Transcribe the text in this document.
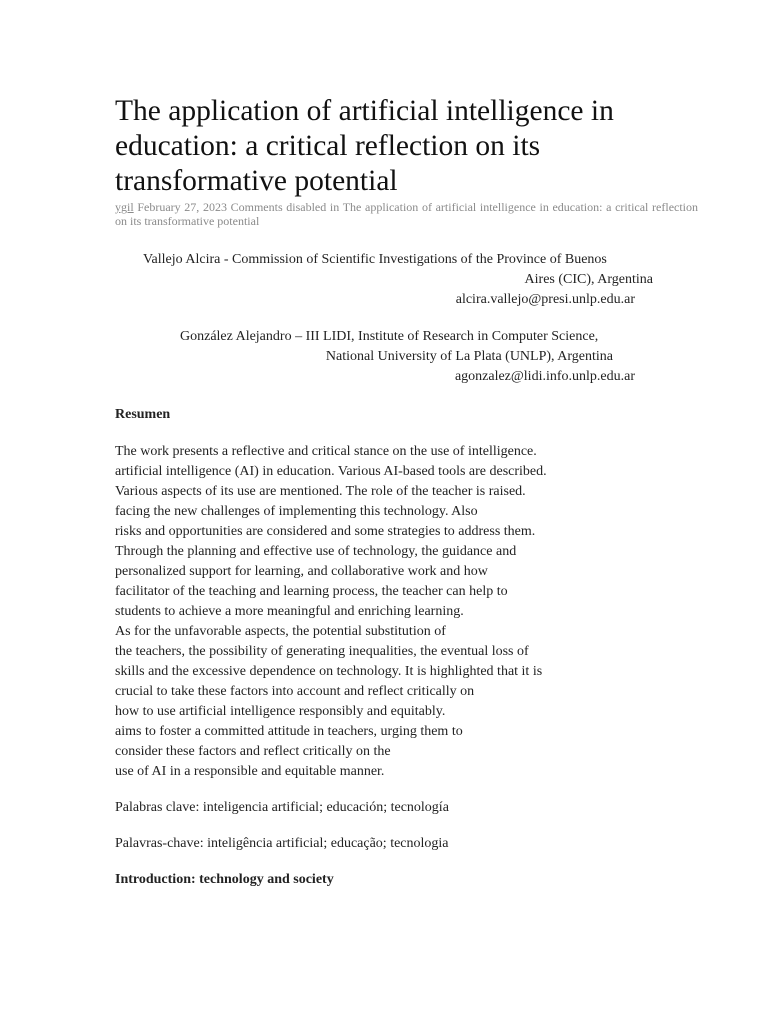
The application of artificial intelligence in education: a critical reflection on its transformative potential
ygil February 27, 2023 Comments disabled in The application of artificial intelligence in education: a critical reflection on its transformative potential

Vallejo Alcira - Commission of Scientific Investigations of the Province of Buenos

Aires (CIC), Argentina

alcira.vallejo@presi.unlp.edu.ar

González Alejandro – III LIDI, Institute of Research in Computer Science,

National University of La Plata (UNLP), Argentina

agonzalez@lidi.info.unlp.edu.ar

Resumen

The work presents a reflective and critical stance on the use of intelligence.

artificial intelligence (AI) in education. Various AI-based tools are described.

Various aspects of its use are mentioned. The role of the teacher is raised.

facing the new challenges of implementing this technology. Also

risks and opportunities are considered and some strategies to address them.

Through the planning and effective use of technology, the guidance and

personalized support for learning, and collaborative work and how

facilitator of the teaching and learning process, the teacher can help to

students to achieve a more meaningful and enriching learning.

As for the unfavorable aspects, the potential substitution of

the teachers, the possibility of generating inequalities, the eventual loss of

skills and the excessive dependence on technology. It is highlighted that it is

crucial to take these factors into account and reflect critically on

how to use artificial intelligence responsibly and equitably.

aims to foster a committed attitude in teachers, urging them to

consider these factors and reflect critically on the

use of AI in a responsible and equitable manner.

Palabras clave: inteligencia artificial; educación; tecnología
Palavras-chave: inteligência artificial; educação; tecnologia
Introduction: technology and society
